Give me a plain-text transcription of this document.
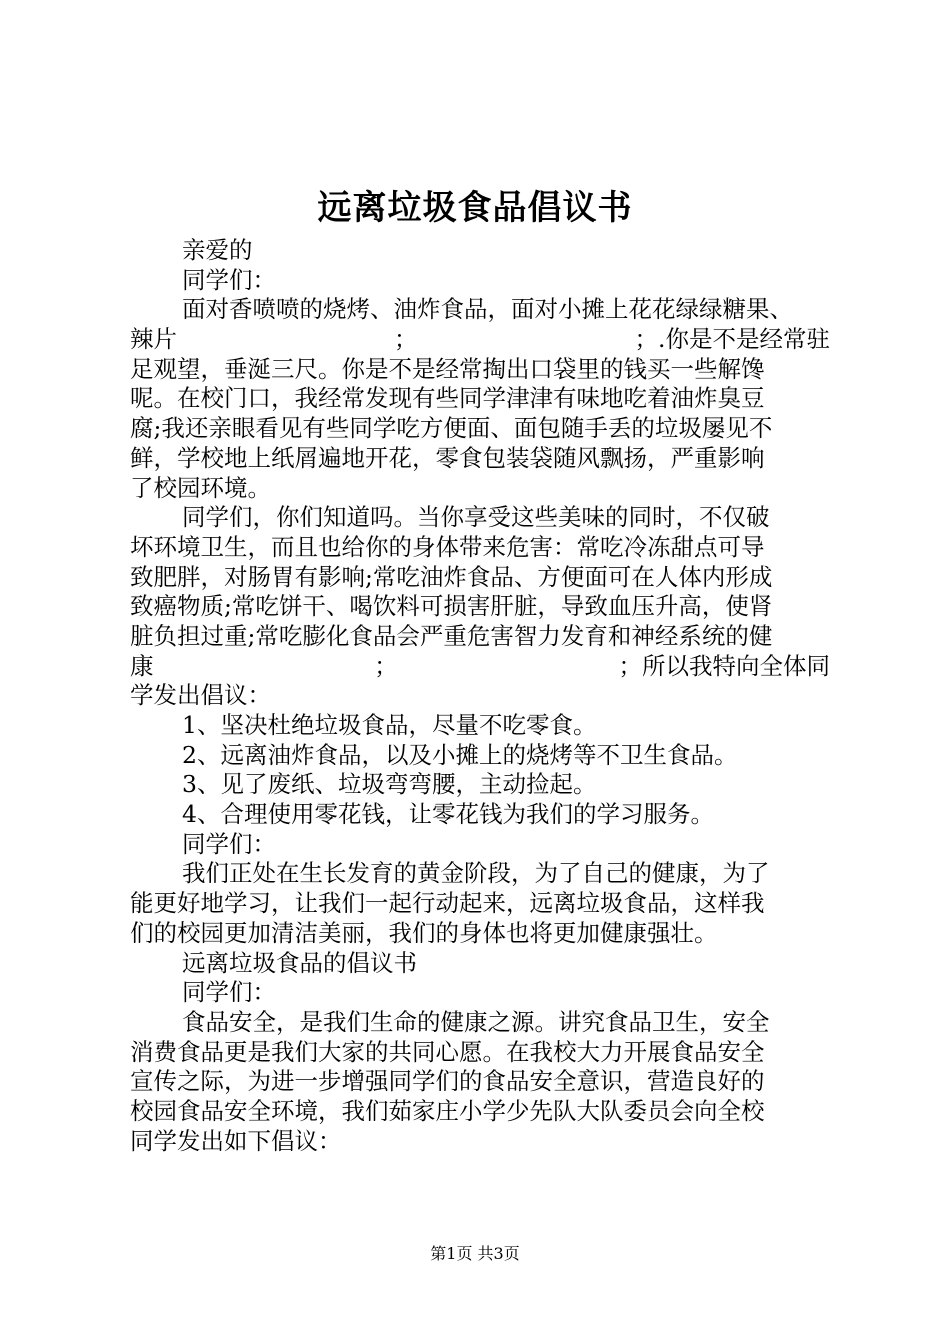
远离垃圾食品倡议书
亲爱的
同学们：
面对香喷喷的烧烤、油炸食品，面对小摊上花花绿绿糖果、
辣片	；	；.你是不是经常驻
足观望，垂涎三尺。你是不是经常掏出口袋里的钱买一些解馋
呢。在校门口，我经常发现有些同学津津有味地吃着油炸臭豆
腐;我还亲眼看见有些同学吃方便面、面包随手丢的垃圾屡见不
鲜，学校地上纸屑遍地开花，零食包装袋随风飘扬，严重影响
了校园环境。
同学们，你们知道吗。当你享受这些美味的同时，不仅破
坏环境卫生，而且也给你的身体带来危害：常吃冷冻甜点可导
致肥胖，对肠胃有影响;常吃油炸食品、方便面可在人体内形成
致癌物质;常吃饼干、喝饮料可损害肝脏，导致血压升高，使肾
脏负担过重;常吃膨化食品会严重危害智力发育和神经系统的健
康	；	；所以我特向全体同
学发出倡议：
1、坚决杜绝垃圾食品，尽量不吃零食。
2、远离油炸食品，以及小摊上的烧烤等不卫生食品。
3、见了废纸、垃圾弯弯腰，主动捡起。
4、合理使用零花钱，让零花钱为我们的学习服务。
同学们：
我们正处在生长发育的黄金阶段，为了自己的健康，为了
能更好地学习，让我们一起行动起来，远离垃圾食品，这样我
们的校园更加清洁美丽，我们的身体也将更加健康强壮。
远离垃圾食品的倡议书
同学们：
食品安全，是我们生命的健康之源。讲究食品卫生，安全
消费食品更是我们大家的共同心愿。在我校大力开展食品安全
宣传之际，为进一步增强同学们的食品安全意识，营造良好的
校园食品安全环境，我们茹家庄小学少先队大队委员会向全校
同学发出如下倡议：
第1页 共3页
